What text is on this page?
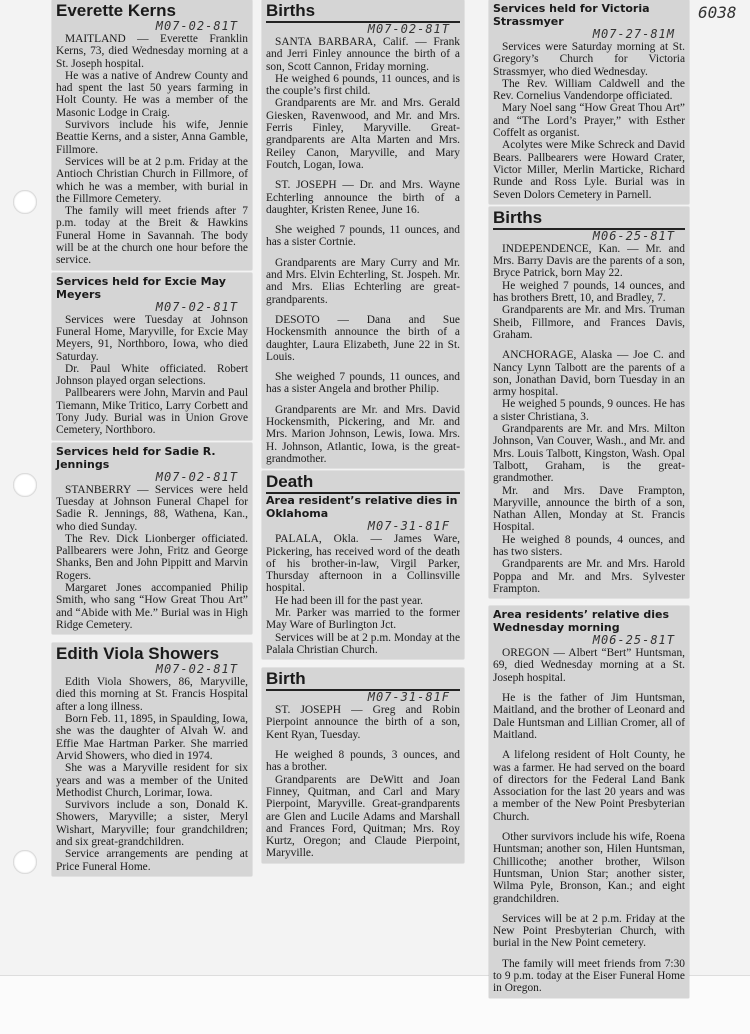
6038
Everette Kerns
M07-02-81T

MAITLAND — Everette Franklin Kerns, 73, died Wednesday morning at a St. Joseph hospital.

He was a native of Andrew County and had spent the last 50 years farming in Holt County. He was a member of the Masonic Lodge in Craig.

Survivors include his wife, Jennie Beattie Kerns, and a sister, Anna Gamble, Fillmore.

Services will be at 2 p.m. Friday at the Antioch Christian Church in Fillmore, of which he was a member, with burial in the Fillmore Cemetery.

The family will meet friends after 7 p.m. today at the Breit & Hawkins Funeral Home in Savannah. The body will be at the church one hour before the service.

Services held for Excie May Meyers
M07-02-81T

Services were Tuesday at Johnson Funeral Home, Maryville, for Excie May Meyers, 91, Northboro, Iowa, who died Saturday.

Dr. Paul White officiated. Robert Johnson played organ selections.

Pallbearers were John, Marvin and Paul Tiemann, Mike Tritico, Larry Corbett and Tony Judy. Burial was in Union Grove Cemetery, Northboro.

Services held for Sadie R. Jennings
M07-02-81T

STANBERRY — Services were held Tuesday at Johnson Funeral Chapel for Sadie R. Jennings, 88, Wathena, Kan., who died Sunday.

The Rev. Dick Lionberger officiated. Pallbearers were John, Fritz and George Shanks, Ben and John Pippitt and Marvin Rogers.

Margaret Jones accompanied Philip Smith, who sang “How Great Thou Art” and “Abide with Me.” Burial was in High Ridge Cemetery.

Edith Viola Showers
M07-02-81T

Edith Viola Showers, 86, Maryville, died this morning at St. Francis Hospital after a long illness.

Born Feb. 11, 1895, in Spaulding, Iowa, she was the daughter of Alvah W. and Effie Mae Hartman Parker. She married Arvid Showers, who died in 1974.

She was a Maryville resident for six years and was a member of the United Methodist Church, Lorimar, Iowa.

Survivors include a son, Donald K. Showers, Maryville; a sister, Meryl Wishart, Maryville; four grandchildren; and six great-grandchildren.

Service arrangements are pending at Price Funeral Home.

Births
M07-02-81T

SANTA BARBARA, Calif. — Frank and Jerri Finley announce the birth of a son, Scott Cannon, Friday morning.

He weighed 6 pounds, 11 ounces, and is the couple’s first child.

Grandparents are Mr. and Mrs. Gerald Giesken, Ravenwood, and Mr. and Mrs. Ferris Finley, Maryville. Great-grandparents are Alta Marten and Mrs. Reiley Canon, Maryville, and Mary Foutch, Logan, Iowa.

ST. JOSEPH — Dr. and Mrs. Wayne Echterling announce the birth of a daughter, Kristen Renee, June 16.

She weighed 7 pounds, 11 ounces, and has a sister Cortnie.

Grandparents are Mary Curry and Mr. and Mrs. Elvin Echterling, St. Jospeh. Mr. and Mrs. Elias Echterling are great-grandparents.

DESOTO — Dana and Sue Hockensmith announce the birth of a daughter, Laura Elizabeth, June 22 in St. Louis.

She weighed 7 pounds, 11 ounces, and has a sister Angela and brother Philip.

Grandparents are Mr. and Mrs. David Hockensmith, Pickering, and Mr. and Mrs. Marion Johnson, Lewis, Iowa. Mrs. H. Johnson, Atlantic, Iowa, is the great-grandmother.

Death
Area resident’s relative dies in Oklahoma
M07-31-81F

PALALA, Okla. — James Ware, Pickering, has received word of the death of his brother-in-law, Virgil Parker, Thursday afternoon in a Collinsville hospital.

He had been ill for the past year.

Mr. Parker was married to the former May Ware of Burlington Jct.

Services will be at 2 p.m. Monday at the Palala Christian Church.

Birth
M07-31-81F

ST. JOSEPH — Greg and Robin Pierpoint announce the birth of a son, Kent Ryan, Tuesday.

He weighed 8 pounds, 3 ounces, and has a brother.

Grandparents are DeWitt and Joan Finney, Quitman, and Carl and Mary Pierpoint, Maryville. Great-grandparents are Glen and Lucile Adams and Marshall and Frances Ford, Quitman; Mrs. Roy Kurtz, Oregon; and Claude Pierpoint, Maryville.

Services held for Victoria Strassmyer
M07-27-81M

Services were Saturday morning at St. Gregory’s Church for Victoria Strassmyer, who died Wednesday.

The Rev. William Caldwell and the Rev. Cornelius Vandendorpe officiated.

Mary Noel sang “How Great Thou Art” and “The Lord’s Prayer,” with Esther Coffelt as organist.

Acolytes were Mike Schreck and David Bears. Pallbearers were Howard Crater, Victor Miller, Merlin Marticke, Richard Runde and Ross Lyle. Burial was in Seven Dolors Cemetery in Parnell.

Births
M06-25-81T

INDEPENDENCE, Kan. — Mr. and Mrs. Barry Davis are the parents of a son, Bryce Patrick, born May 22.

He weighed 7 pounds, 14 ounces, and has brothers Brett, 10, and Bradley, 7.

Grandparents are Mr. and Mrs. Truman Sheib, Fillmore, and Frances Davis, Graham.

ANCHORAGE, Alaska — Joe C. and Nancy Lynn Talbott are the parents of a son, Jonathan David, born Tuesday in an army hospital.

He weighed 5 pounds, 9 ounces. He has a sister Christiana, 3.

Grandparents are Mr. and Mrs. Milton Johnson, Van Couver, Wash., and Mr. and Mrs. Louis Talbott, Kingston, Wash. Opal Talbott, Graham, is the great-grandmother.

Mr. and Mrs. Dave Frampton, Maryville, announce the birth of a son, Nathan Allen, Monday at St. Francis Hospital.

He weighed 8 pounds, 4 ounces, and has two sisters.

Grandparents are Mr. and Mrs. Harold Poppa and Mr. and Mrs. Sylvester Frampton.

Area residents’ relative dies Wednesday morning
M06-25-81T

OREGON — Albert “Bert” Huntsman, 69, died Wednesday morning at a St. Joseph hospital.

He is the father of Jim Huntsman, Maitland, and the brother of Leonard and Dale Huntsman and Lillian Cromer, all of Maitland.

A lifelong resident of Holt County, he was a farmer. He had served on the board of directors for the Federal Land Bank Association for the last 20 years and was a member of the New Point Presbyterian Church.

Other survivors include his wife, Roena Huntsman; another son, Hilen Huntsman, Chillicothe; another brother, Wilson Huntsman, Union Star; another sister, Wilma Pyle, Bronson, Kan.; and eight grandchildren.

Services will be at 2 p.m. Friday at the New Point Presbyterian Church, with burial in the New Point cemetery.

The family will meet friends from 7:30 to 9 p.m. today at the Eiser Funeral Home in Oregon.
